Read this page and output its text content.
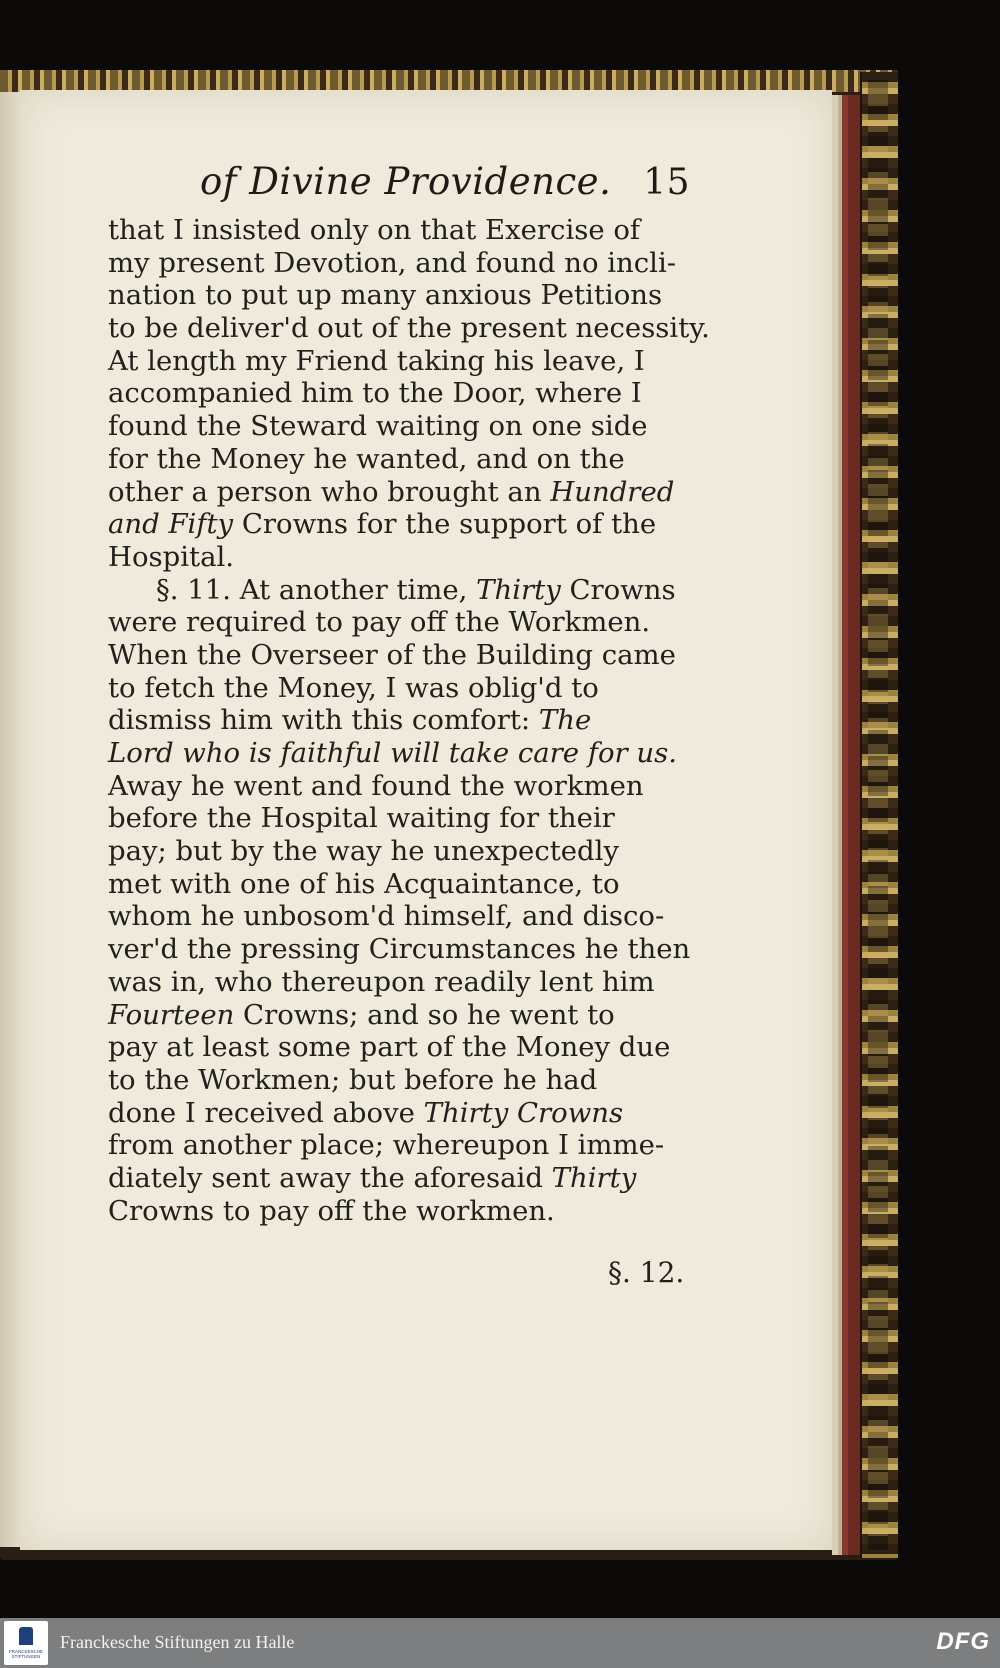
of Divine Providence. 15
that I insisted only on that Exercise of
my present Devotion, and found no incli-
nation to put up many anxious Petitions
to be deliver'd out of the present necessity.
At length my Friend taking his leave, I
accompanied him to the Door, where I
found the Steward waiting on one side
for the Money he wanted, and on the
other a person who brought an Hundred
and Fifty Crowns for the support of the
Hospital.
§. 11. At another time, Thirty Crowns
were required to pay off the Workmen.
When the Overseer of the Building came
to fetch the Money, I was oblig'd to
dismiss him with this comfort: The
Lord who is faithful will take care for us.
Away he went and found the workmen
before the Hospital waiting for their
pay; but by the way he unexpectedly
met with one of his Acquaintance, to
whom he unbosom'd himself, and disco-
ver'd the pressing Circumstances he then
was in, who thereupon readily lent him
Fourteen Crowns; and so he went to
pay at least some part of the Money due
to the Workmen; but before he had
done I received above Thirty Crowns
from another place; whereupon I imme-
diately sent away the aforesaid Thirty
Crowns to pay off the workmen.
§. 12.
FRANCKESCHE STIFTUNGEN
Franckesche Stiftungen zu Halle	DFG
